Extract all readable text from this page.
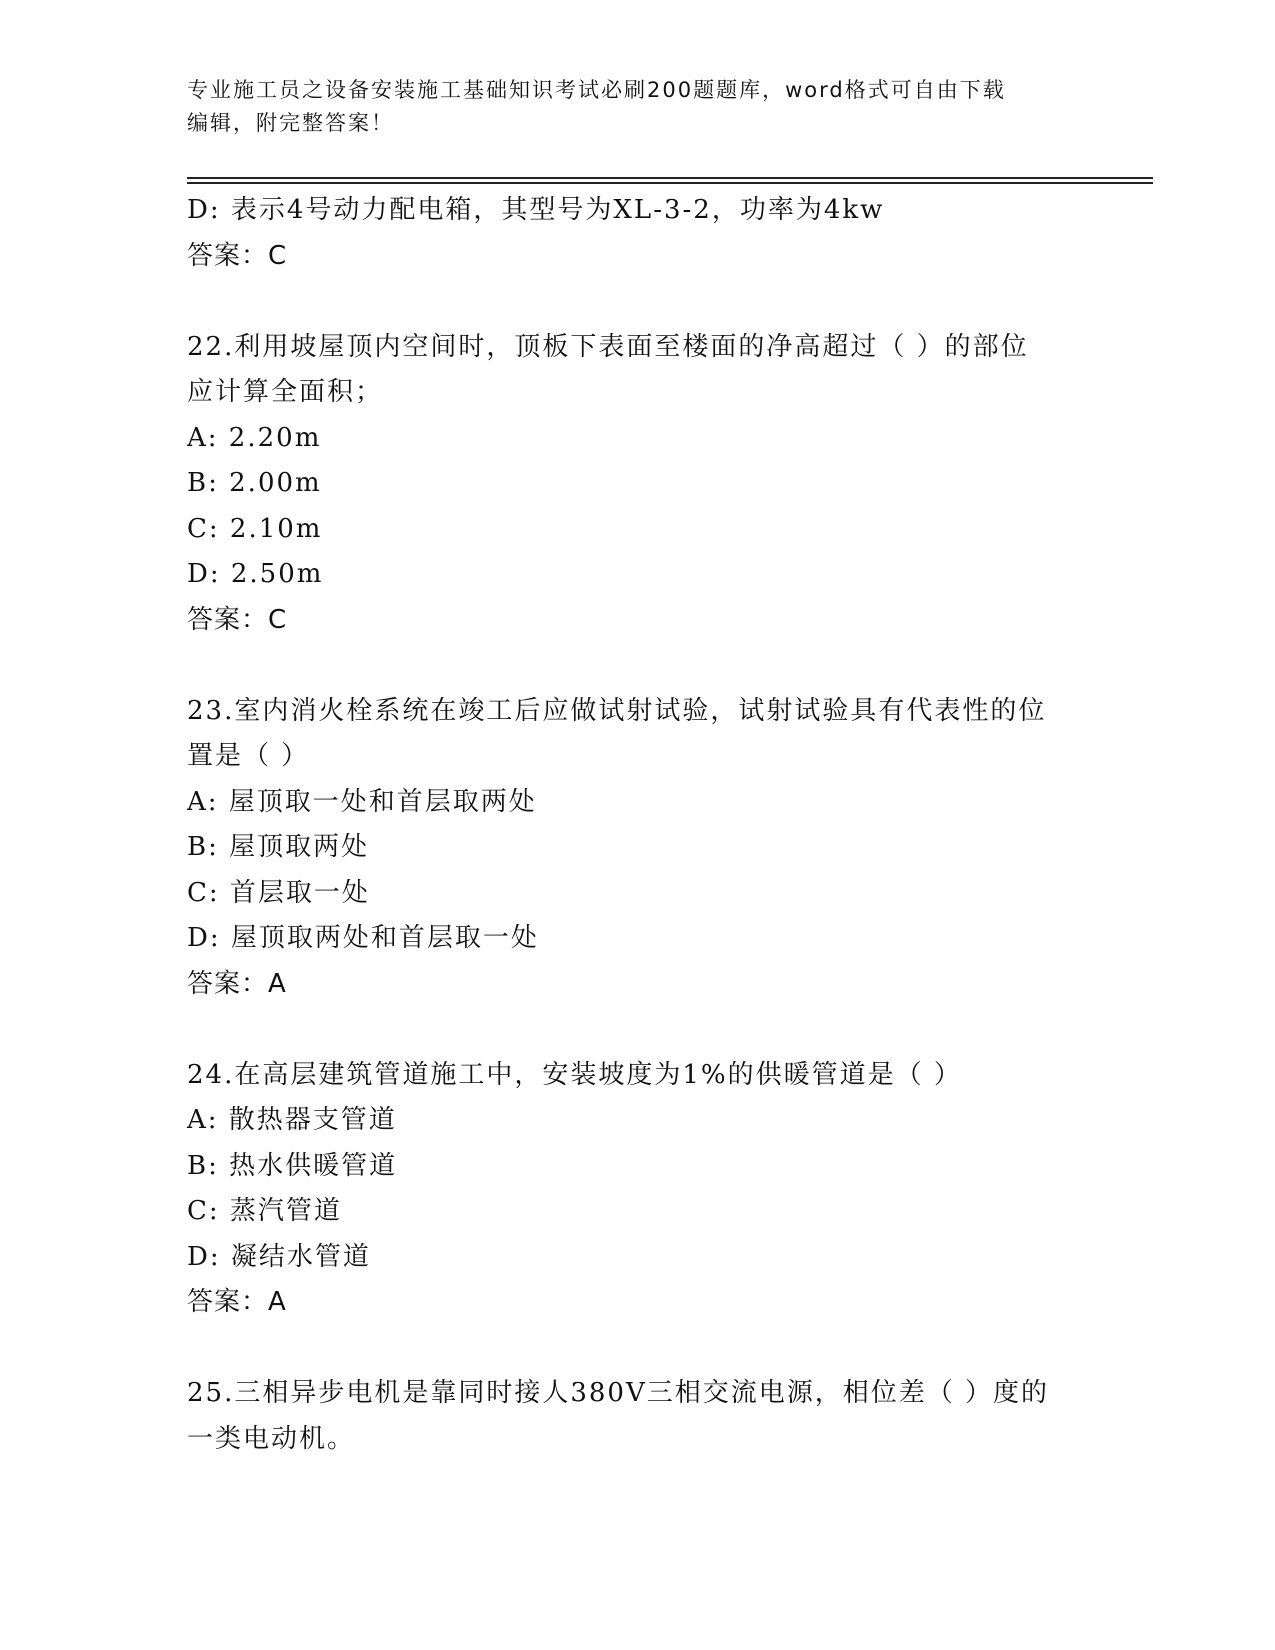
专业施工员之设备安装施工基础知识考试必刷200题题库，word格式可自由下载
编辑，附完整答案！
D: 表示4号动力配电箱，其型号为XL-3-2，功率为4kw
答案：C
22.利用坡屋顶内空间时，顶板下表面至楼面的净高超过（ ）的部位
应计算全面积；
A: 2.20m
B: 2.00m
C: 2.10m
D: 2.50m
答案：C
23.室内消火栓系统在竣工后应做试射试验，试射试验具有代表性的位
置是（ ）
A: 屋顶取一处和首层取两处
B: 屋顶取两处
C: 首层取一处
D: 屋顶取两处和首层取一处
答案：A
24.在高层建筑管道施工中，安装坡度为1%的供暖管道是（ ）
A: 散热器支管道
B: 热水供暖管道
C: 蒸汽管道
D: 凝结水管道
答案：A
25.三相异步电机是靠同时接人380V三相交流电源，相位差（ ）度的
一类电动机。
